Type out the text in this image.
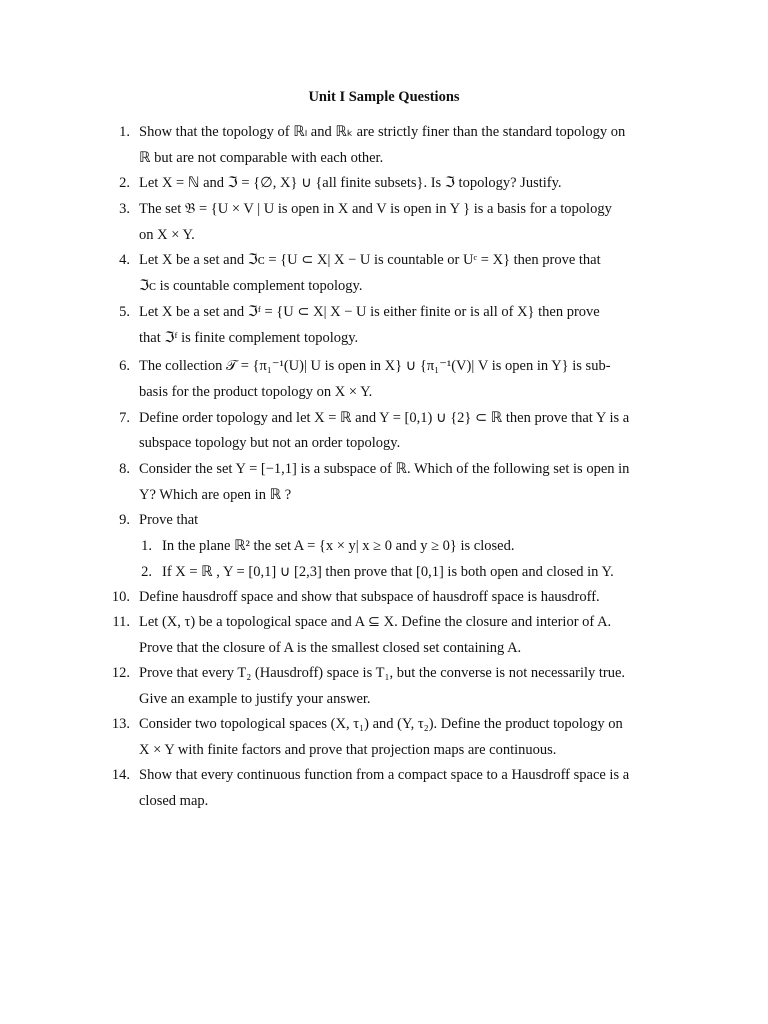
Unit I Sample Questions
1. Show that the topology of ℝₗ and ℝₖ are strictly finer than the standard topology on
ℝ but are not comparable with each other.
2. Let X = ℕ and ℑ = {∅, X} ∪ {all finite subsets}. Is ℑ topology? Justify.
3. The set 𝔅 = {U × V | U is open in X and V is open in Y } is a basis for a topology
on X × Y.
4. Let X be a set and ℑᴄ = {U ⊂ X| X − U is countable or Uᶜ = X} then prove that
ℑᴄ is countable complement topology.
5. Let X be a set and ℑᶠ = {U ⊂ X| X − U is either finite or is all of X} then prove
that ℑᶠ is finite complement topology.
6. The collection 𝒯 = {π₁⁻¹(U)| U is open in X} ∪ {π₁⁻¹(V)| V is open in Y} is sub-
basis for the product topology on X × Y.
7. Define order topology and let X = ℝ and Y = [0,1) ∪ {2} ⊂ ℝ then prove that Y is a
subspace topology but not an order topology.
8. Consider the set Y = [−1,1] is a subspace of ℝ. Which of the following set is open in
Y? Which are open in ℝ ?
9. Prove that
1. In the plane ℝ² the set A = {x × y| x ≥ 0 and y ≥ 0} is closed.
2. If X = ℝ , Y = [0,1] ∪ [2,3] then prove that [0,1] is both open and closed in Y.
10. Define hausdroff space and show that subspace of hausdroff space is hausdroff.
11. Let (X, τ) be a topological space and A ⊆ X. Define the closure and interior of A.
Prove that the closure of A is the smallest closed set containing A.
12. Prove that every T₂ (Hausdroff) space is T₁, but the converse is not necessarily true.
Give an example to justify your answer.
13. Consider two topological spaces (X, τ₁) and (Y, τ₂). Define the product topology on
X × Y with finite factors and prove that projection maps are continuous.
14. Show that every continuous function from a compact space to a Hausdroff space is a
closed map.
